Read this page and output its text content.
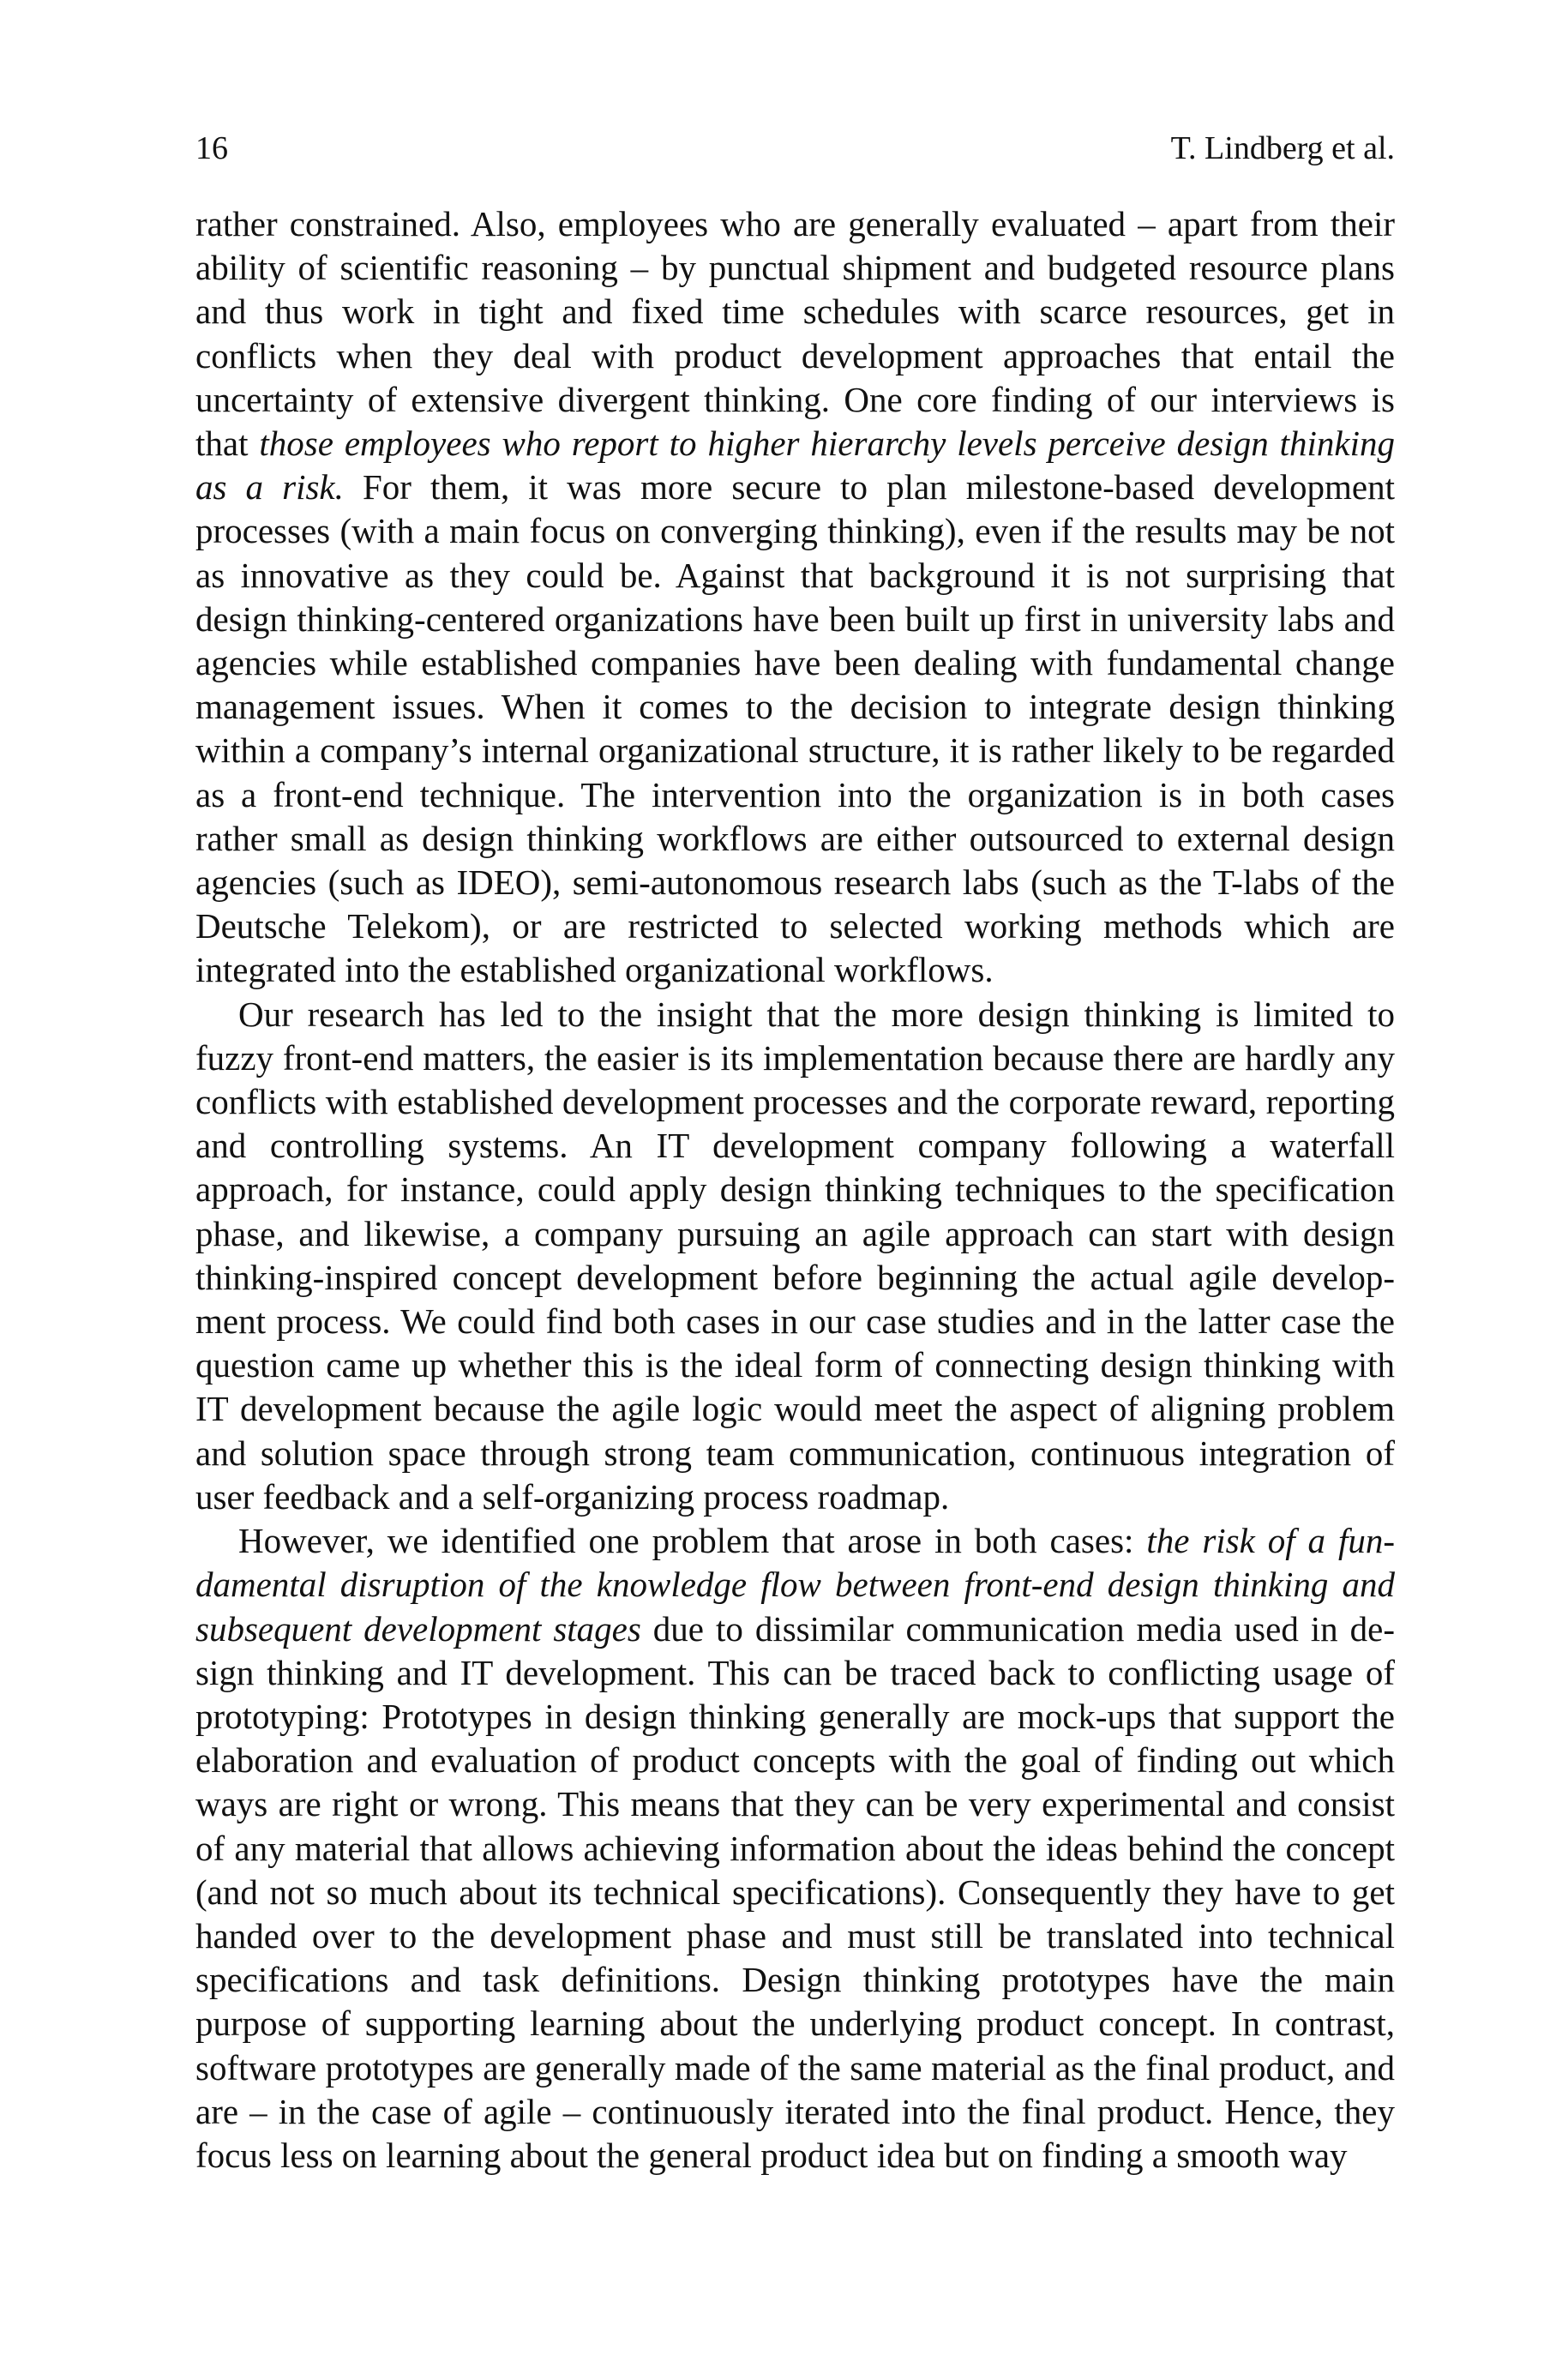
16	T. Lindberg et al.

rather constrained. Also, employees who are generally evaluated – apart from their ability of scientific reasoning – by punctual shipment and budgeted resource plans and thus work in tight and fixed time schedules with scarce resources, get in conflicts when they deal with product development approaches that entail the uncertainty of extensive divergent thinking. One core finding of our interviews is that those employees who report to higher hierarchy levels perceive design thinking as a risk. For them, it was more secure to plan milestone-based development processes (with a main focus on converging thinking), even if the results may be not as innovative as they could be. Against that background it is not surprising that design thinking-centered organizations have been built up first in university labs and agencies while established companies have been dealing with fundamental change management issues. When it comes to the decision to integrate design thinking within a company’s internal organizational structure, it is rather likely to be regarded as a front-end technique. The intervention into the organization is in both cases rather small as design thinking workflows are either outsourced to external design agencies (such as IDEO), semi-autonomous research labs (such as the T-labs of the Deutsche Telekom), or are restricted to selected working methods which are integrated into the established organizational workflows.

Our research has led to the insight that the more design thinking is limited to fuzzy front-end matters, the easier is its implementation because there are hardly any conflicts with established development processes and the corporate reward, reporting and controlling systems. An IT development company following a waterfall approach, for instance, could apply design thinking techniques to the specification phase, and likewise, a company pursuing an agile approach can start with design thinking-inspired concept development before beginning the actual agile development process. We could find both cases in our case studies and in the latter case the question came up whether this is the ideal form of connecting design thinking with IT development because the agile logic would meet the aspect of aligning problem and solution space through strong team communication, continuous integration of user feedback and a self-organizing process roadmap.

However, we identified one problem that arose in both cases: the risk of a fundamental disruption of the knowledge flow between front-end design thinking and subsequent development stages due to dissimilar communication media used in design thinking and IT development. This can be traced back to conflicting usage of prototyping: Prototypes in design thinking generally are mock-ups that support the elaboration and evaluation of product concepts with the goal of finding out which ways are right or wrong. This means that they can be very experimental and consist of any material that allows achieving information about the ideas behind the concept (and not so much about its technical specifications). Consequently they have to get handed over to the development phase and must still be translated into technical specifications and task definitions. Design thinking prototypes have the main purpose of supporting learning about the underlying product concept. In contrast, software prototypes are generally made of the same material as the final product, and are – in the case of agile – continuously iterated into the final product. Hence, they focus less on learning about the general product idea but on finding a smooth way
